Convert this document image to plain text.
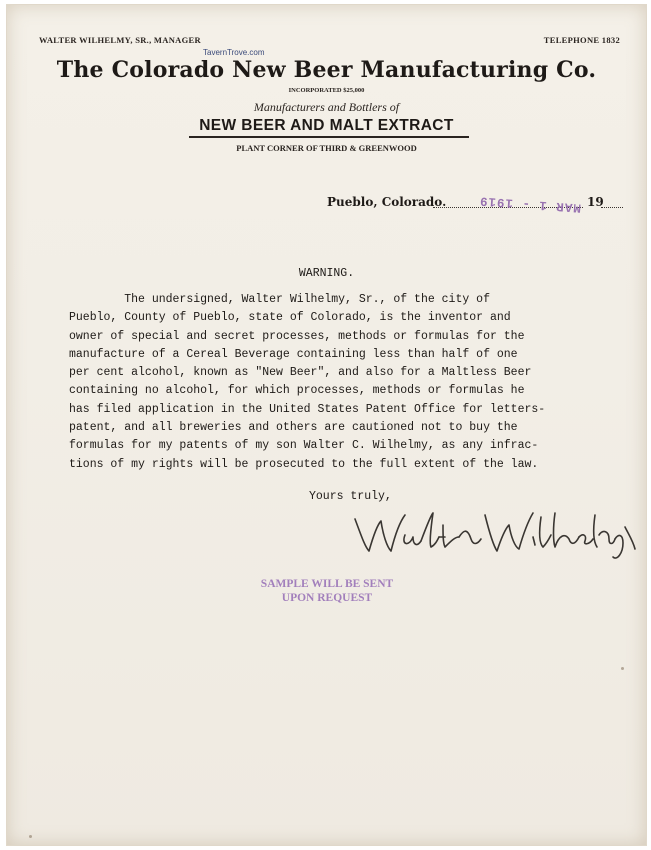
WALTER WILHELMY, SR., MANAGER	TELEPHONE 1832
TavernTrove.com
The Colorado New Beer Manufacturing Co.
INCORPORATED $25,000
Manufacturers and Bottlers of
NEW BEER AND MALT EXTRACT
PLANT CORNER OF THIRD & GREENWOOD
Pueblo, Colorado.	MAR 1 - 1919 19
WARNING.
The undersigned, Walter Wilhelmy, Sr., of the city of
Pueblo, County of Pueblo, state of Colorado, is the inventor and
owner of special and secret processes, methods or formulas for the
manufacture of a Cereal Beverage containing less than half of one
per cent alcohol, known as "New Beer", and also for a Maltless Beer
containing no alcohol, for which processes, methods or formulas he
has filed application in the United States Patent Office for letters-
patent, and all breweries and others are cautioned not to buy the
formulas for my patents of my son Walter C. Wilhelmy, as any infrac-
tions of my rights will be prosecuted to the full extent of the law.
Yours truly,
SAMPLE WILL BE SENT
UPON REQUEST
